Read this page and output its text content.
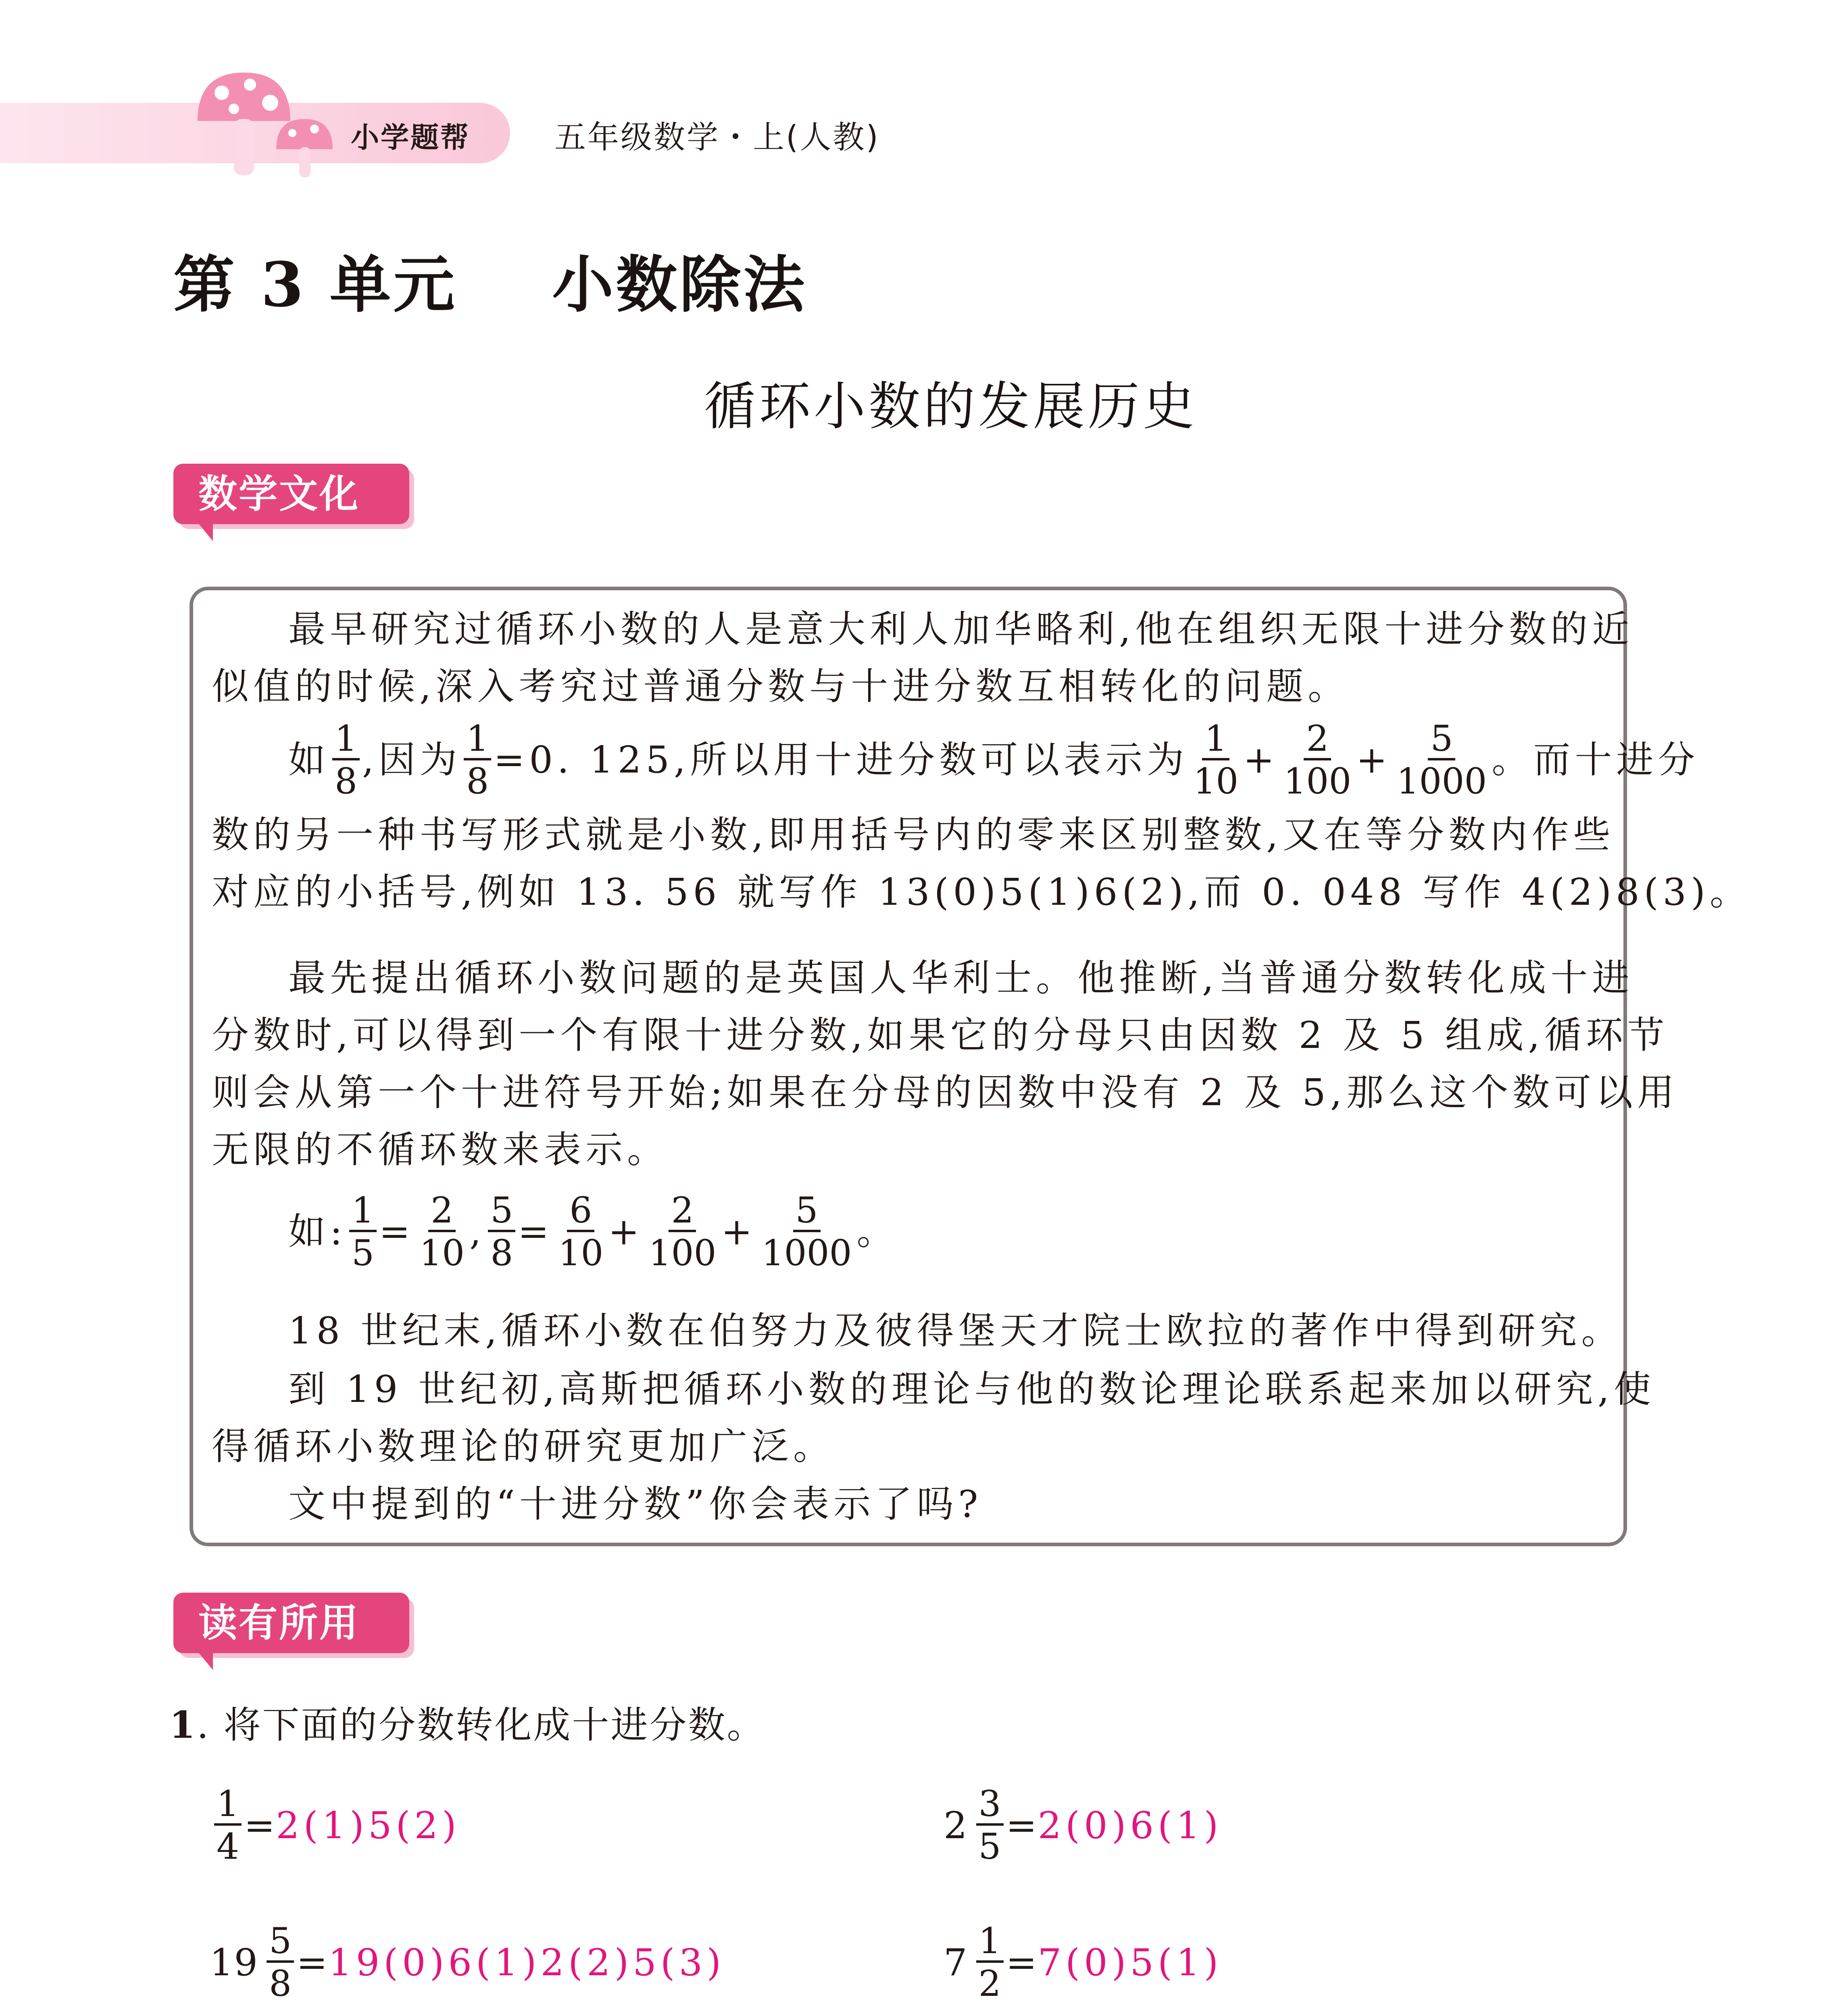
小学题帮	五年级数学・上(人教)
第 3 单元    小数除法
循环小数的发展历史
数学文化
最早研究过循环小数的人是意大利人加华略利,他在组织无限十进分数的近
似值的时候,深入考究过普通分数与十进分数互相转化的问题。
如 $\frac{1}{8}$ ,因为 $\frac{1}{8} =0$. 125,所以用十进分数可以表示为 $\frac{1}{10} + \frac{2}{100} + \frac{5}{1000}$ 。而十进分
数的另一种书写形式就是小数,即用括号内的零来区别整数,又在等分数内作些
对应的小括号,例如 13. 56 就写作 13(0)5(1)6(2),而 0. 048 写作 4(2)8(3)。
最先提出循环小数问题的是英国人华利士。他推断,当普通分数转化成十进
分数时,可以得到一个有限十进分数,如果它的分母只由因数 2 及 5 组成,循环节
则会从第一个十进符号开始;如果在分母的因数中没有 2 及 5,那么这个数可以用
无限的不循环数来表示。
如: $\frac{1}{5} = \frac{2}{10}$ , $\frac{5}{8} = \frac{6}{10} + \frac{2}{100} + \frac{5}{1000}$ 。
18 世纪末,循环小数在伯努力及彼得堡天才院士欧拉的著作中得到研究。
到 19 世纪初,高斯把循环小数的理论与他的数论理论联系起来加以研究,使
得循环小数理论的研究更加广泛。
文中提到的“十进分数”你会表示了吗?
读有所用
1. 将下面的分数转化成十进分数。
$\frac{1}{4} = 2(1)5(2)$	$2 \frac{3}{5} = 2(0)6(1)$
$19 \frac{5}{8} = 19(0)6(1)2(2)5(3)$	$7 \frac{1}{2} = 7(0)5(1)$
